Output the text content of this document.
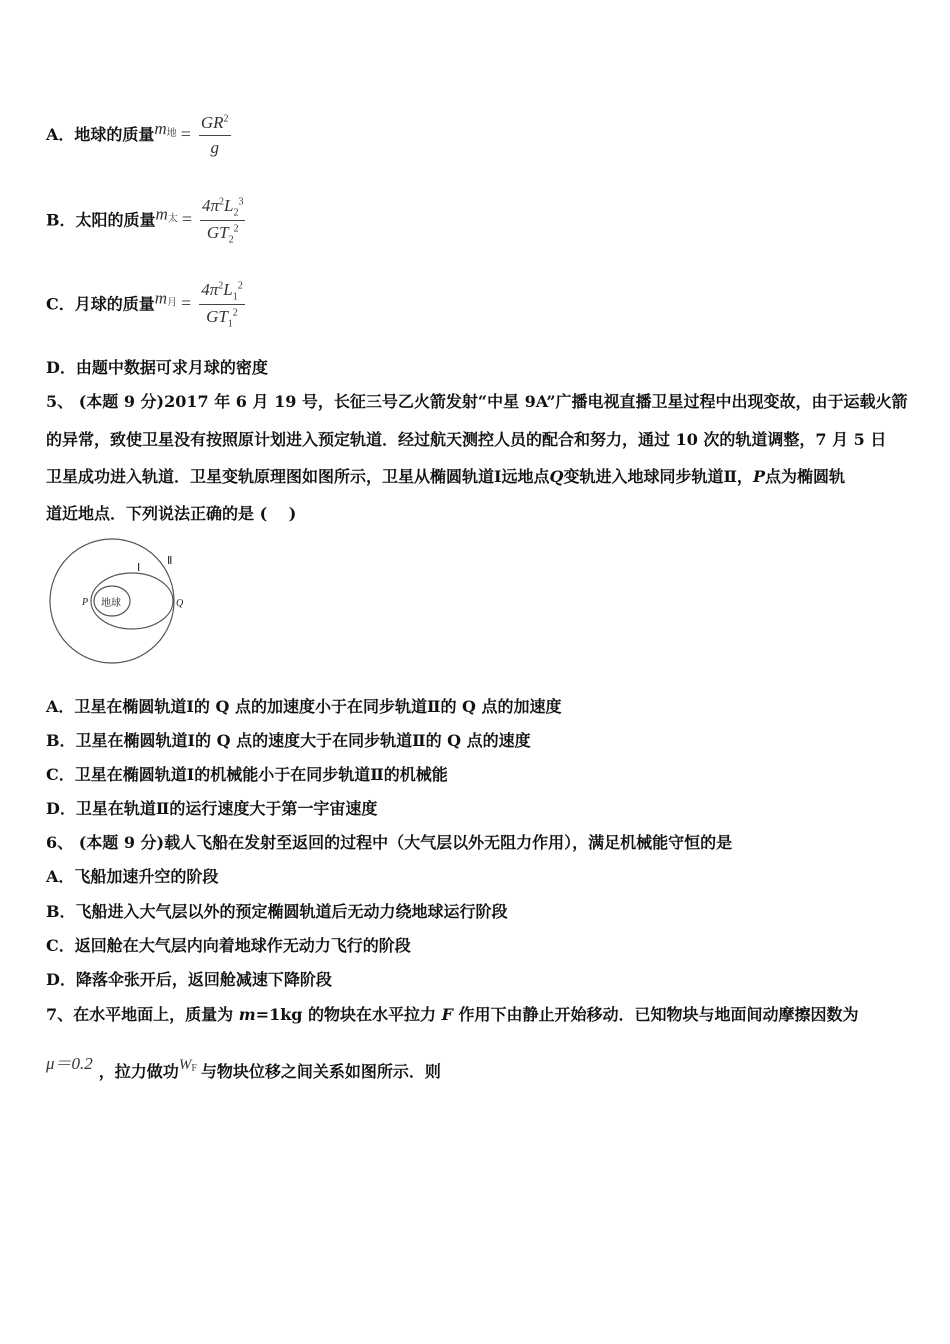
A．地球的质量$m^地 = \frac{GR^2}{g}$
B．太阳的质量$m^太 = \frac{4\pi^2L_2^3}{GT_2^2}$
C．月球的质量$m^月 = \frac{4\pi^2L_1^2}{GT_1^2}$
D．由题中数据可求月球的密度
5、 (本题 9 分)2017 年 6 月 19 号，长征三号乙火箭发射“中星 9A”广播电视直播卫星过程中出现变故，由于运载火箭
的异常，致使卫星没有按照原计划进入预定轨道．经过航天测控人员的配合和努力，通过 10 次的轨道调整，7 月 5 日
卫星成功进入轨道．卫星变轨原理图如图所示，卫星从椭圆轨道Ⅰ远地点Q变轨进入地球同步轨道Ⅱ，P点为椭圆轨
道近地点．下列说法正确的是 (　 )
地球
Ⅰ
Ⅱ
P	Q
A．卫星在椭圆轨道Ⅰ的 Q 点的加速度小于在同步轨道Ⅱ的 Q 点的加速度
B．卫星在椭圆轨道Ⅰ的 Q 点的速度大于在同步轨道Ⅱ的 Q 点的速度
C．卫星在椭圆轨道Ⅰ的机械能小于在同步轨道Ⅱ的机械能
D．卫星在轨道Ⅱ的运行速度大于第一宇宙速度
6、 (本题 9 分)载人飞船在发射至返回的过程中（大气层以外无阻力作用），满足机械能守恒的是
A．飞船加速升空的阶段
B．飞船进入大气层以外的预定椭圆轨道后无动力绕地球运行阶段
C．返回舱在大气层内向着地球作无动力飞行的阶段
D．降落伞张开后，返回舱减速下降阶段
7、在水平地面上，质量为 m=1kg 的物块在水平拉力 F 作用下由静止开始移动．已知物块与地面间动摩擦因数为
μ＝0.2 ，拉力做功$W^F$ 与物块位移之间关系如图所示．则
